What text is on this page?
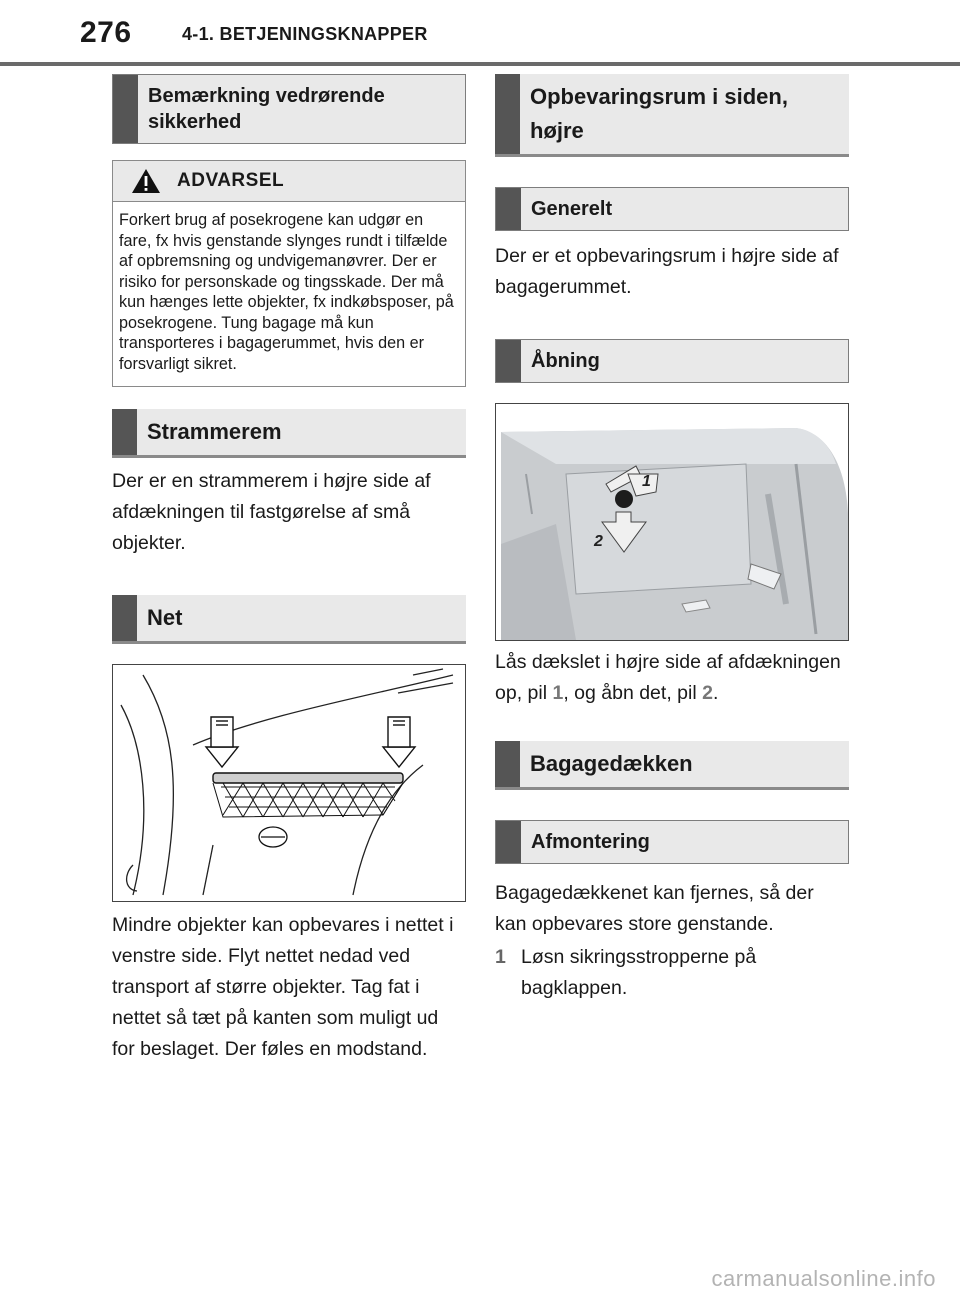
276	4-1. BETJENINGSKNAPPER
Bemærkning vedrørende sikkerhed
ADVARSEL
Forkert brug af posekrogene kan udgør en fare, fx hvis genstande slynges rundt i tilfælde af opbremsning og undvigemanøvrer. Der er risiko for personskade og tingsskade. Der må kun hænges lette objekter, fx indkøbsposer, på posekrogene. Tung bagage må kun transporteres i bagagerummet, hvis den er forsvarligt sikret.
Strammerem
Der er en strammerem i højre side af afdækningen til fastgørelse af små objekter.
Net
Mindre objekter kan opbevares i nettet i venstre side. Flyt nettet nedad ved transport af større objekter. Tag fat i nettet så tæt på kanten som muligt ud for beslaget. Der føles en modstand.
Opbevaringsrum i siden, højre
Generelt
Der er et opbevaringsrum i højre side af bagagerummet.
Åbning
1
2
Lås dækslet i højre side af afdækningen op, pil 1, og åbn det, pil 2.
Bagagedækken
Afmontering
Bagagedækkenet kan fjernes, så der kan opbevares store genstande.
1 Løsn sikringsstropperne på bagklappen.
carmanualsonline.info
